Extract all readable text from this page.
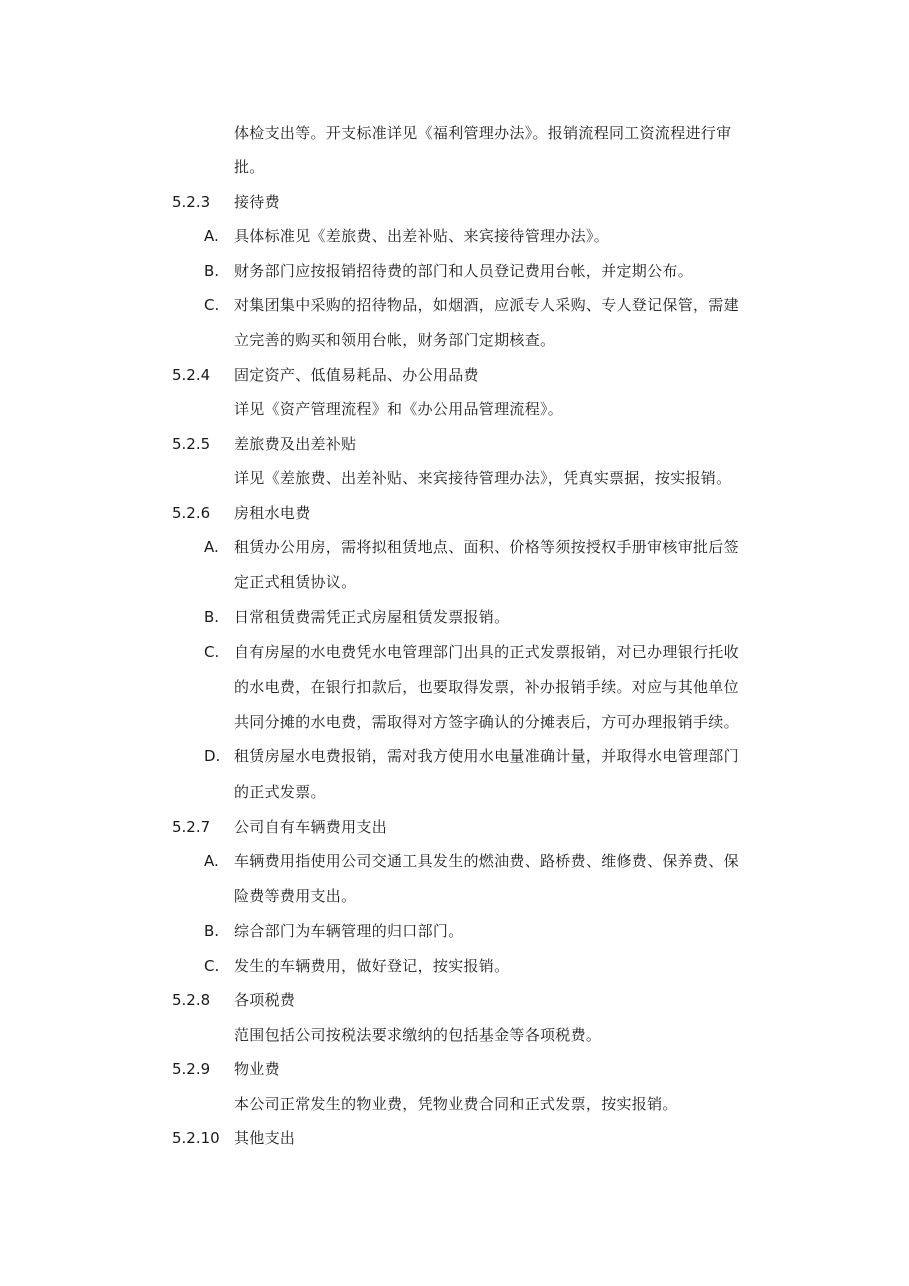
体检支出等。开支标准详见《福利管理办法》。报销流程同工资流程进行审
批。
5.2.3 接待费
A. 具体标准见《差旅费、出差补贴、来宾接待管理办法》。
B. 财务部门应按报销招待费的部门和人员登记费用台帐，并定期公布。
C. 对集团集中采购的招待物品，如烟酒，应派专人采购、专人登记保管，需建
立完善的购买和领用台帐，财务部门定期核查。
5.2.4 固定资产、低值易耗品、办公用品费
详见《资产管理流程》和《办公用品管理流程》。
5.2.5 差旅费及出差补贴
详见《差旅费、出差补贴、来宾接待管理办法》，凭真实票据，按实报销。
5.2.6 房租水电费
A. 租赁办公用房，需将拟租赁地点、面积、价格等须按授权手册审核审批后签
定正式租赁协议。
B. 日常租赁费需凭正式房屋租赁发票报销。
C. 自有房屋的水电费凭水电管理部门出具的正式发票报销，对已办理银行托收
的水电费，在银行扣款后，也要取得发票，补办报销手续。对应与其他单位
共同分摊的水电费，需取得对方签字确认的分摊表后，方可办理报销手续。
D. 租赁房屋水电费报销，需对我方使用水电量准确计量，并取得水电管理部门
的正式发票。
5.2.7 公司自有车辆费用支出
A. 车辆费用指使用公司交通工具发生的燃油费、路桥费、维修费、保养费、保
险费等费用支出。
B. 综合部门为车辆管理的归口部门。
C. 发生的车辆费用，做好登记，按实报销。
5.2.8 各项税费
范围包括公司按税法要求缴纳的包括基金等各项税费。
5.2.9 物业费
本公司正常发生的物业费，凭物业费合同和正式发票，按实报销。
5.2.10 其他支出
